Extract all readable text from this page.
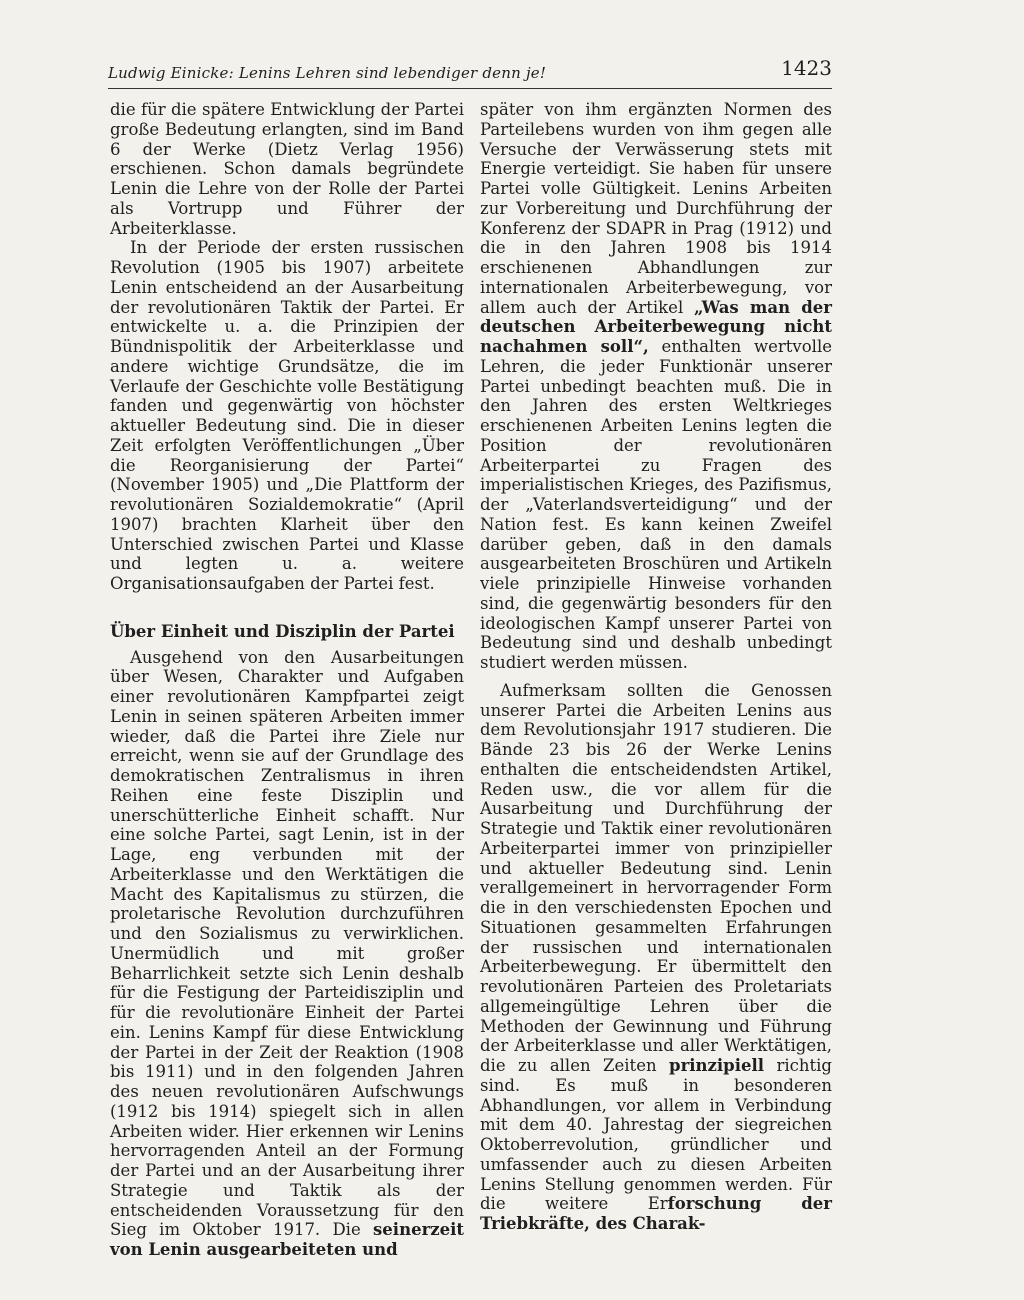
Ludwig Einicke: Lenins Lehren sind lebendiger denn je!	1423

die für die spätere Entwicklung der Partei große Bedeutung erlangten, sind im Band 6 der Werke (Dietz Verlag 1956) erschienen. Schon damals begründete Lenin die Lehre von der Rolle der Partei als Vortrupp und Führer der Arbeiterklasse.

In der Periode der ersten russischen Revolution (1905 bis 1907) arbeitete Lenin entscheidend an der Ausarbeitung der revolutionären Taktik der Partei. Er entwickelte u. a. die Prinzipien der Bündnispolitik der Arbeiterklasse und andere wichtige Grundsätze, die im Verlaufe der Geschichte volle Bestätigung fanden und gegenwärtig von höchster aktueller Bedeutung sind. Die in dieser Zeit erfolgten Veröffentlichungen „Über die Reorganisierung der Partei“ (November 1905) und „Die Plattform der revolutionären Sozialdemokratie“ (April 1907) brachten Klarheit über den Unterschied zwischen Partei und Klasse und legten u. a. weitere Organisationsaufgaben der Partei fest.

Über Einheit und Disziplin der Partei

Ausgehend von den Ausarbeitungen über Wesen, Charakter und Aufgaben einer revolutionären Kampfpartei zeigt Lenin in seinen späteren Arbeiten immer wieder, daß die Partei ihre Ziele nur erreicht, wenn sie auf der Grundlage des demokratischen Zentralismus in ihren Reihen eine feste Disziplin und unerschütterliche Einheit schafft. Nur eine solche Partei, sagt Lenin, ist in der Lage, eng verbunden mit der Arbeiterklasse und den Werktätigen die Macht des Kapitalismus zu stürzen, die proletarische Revolution durchzuführen und den Sozialismus zu verwirklichen. Unermüdlich und mit großer Beharrlichkeit setzte sich Lenin deshalb für die Festigung der Parteidisziplin und für die revolutionäre Einheit der Partei ein. Lenins Kampf für diese Entwicklung der Partei in der Zeit der Reaktion (1908 bis 1911) und in den folgenden Jahren des neuen revolutionären Aufschwungs (1912 bis 1914) spiegelt sich in allen Arbeiten wider. Hier erkennen wir Lenins hervorragenden Anteil an der Formung der Partei und an der Ausarbeitung ihrer Strategie und Taktik als der entscheidenden Voraussetzung für den Sieg im Oktober 1917. Die seinerzeit von Lenin ausgearbeiteten und

später von ihm ergänzten Normen des Parteilebens wurden von ihm gegen alle Versuche der Verwässerung stets mit Energie verteidigt. Sie haben für unsere Partei volle Gültigkeit. Lenins Arbeiten zur Vorbereitung und Durchführung der Konferenz der SDAPR in Prag (1912) und die in den Jahren 1908 bis 1914 erschienenen Abhandlungen zur internationalen Arbeiterbewegung, vor allem auch der Artikel „Was man der deutschen Arbeiterbewegung nicht nachahmen soll“, enthalten wertvolle Lehren, die jeder Funktionär unserer Partei unbedingt beachten muß. Die in den Jahren des ersten Weltkrieges erschienenen Arbeiten Lenins legten die Position der revolutionären Arbeiterpartei zu Fragen des imperialistischen Krieges, des Pazifismus, der „Vaterlandsverteidigung“ und der Nation fest. Es kann keinen Zweifel darüber geben, daß in den damals ausgearbeiteten Broschüren und Artikeln viele prinzipielle Hinweise vorhanden sind, die gegenwärtig besonders für den ideologischen Kampf unserer Partei von Bedeutung sind und deshalb unbedingt studiert werden müssen.

Aufmerksam sollten die Genossen unserer Partei die Arbeiten Lenins aus dem Revolutionsjahr 1917 studieren. Die Bände 23 bis 26 der Werke Lenins enthalten die entscheidendsten Artikel, Reden usw., die vor allem für die Ausarbeitung und Durchführung der Strategie und Taktik einer revolutionären Arbeiterpartei immer von prinzipieller und aktueller Bedeutung sind. Lenin verallgemeinert in hervorragender Form die in den verschiedensten Epochen und Situationen gesammelten Erfahrungen der russischen und internationalen Arbeiterbewegung. Er übermittelt den revolutionären Parteien des Proletariats allgemeingültige Lehren über die Methoden der Gewinnung und Führung der Arbeiterklasse und aller Werktätigen, die zu allen Zeiten prinzipiell richtig sind. Es muß in besonderen Abhandlungen, vor allem in Verbindung mit dem 40. Jahrestag der siegreichen Oktoberrevolution, gründlicher und umfassender auch zu diesen Arbeiten Lenins Stellung genommen werden. Für die weitere Erforschung der Triebkräfte, des Charak-
